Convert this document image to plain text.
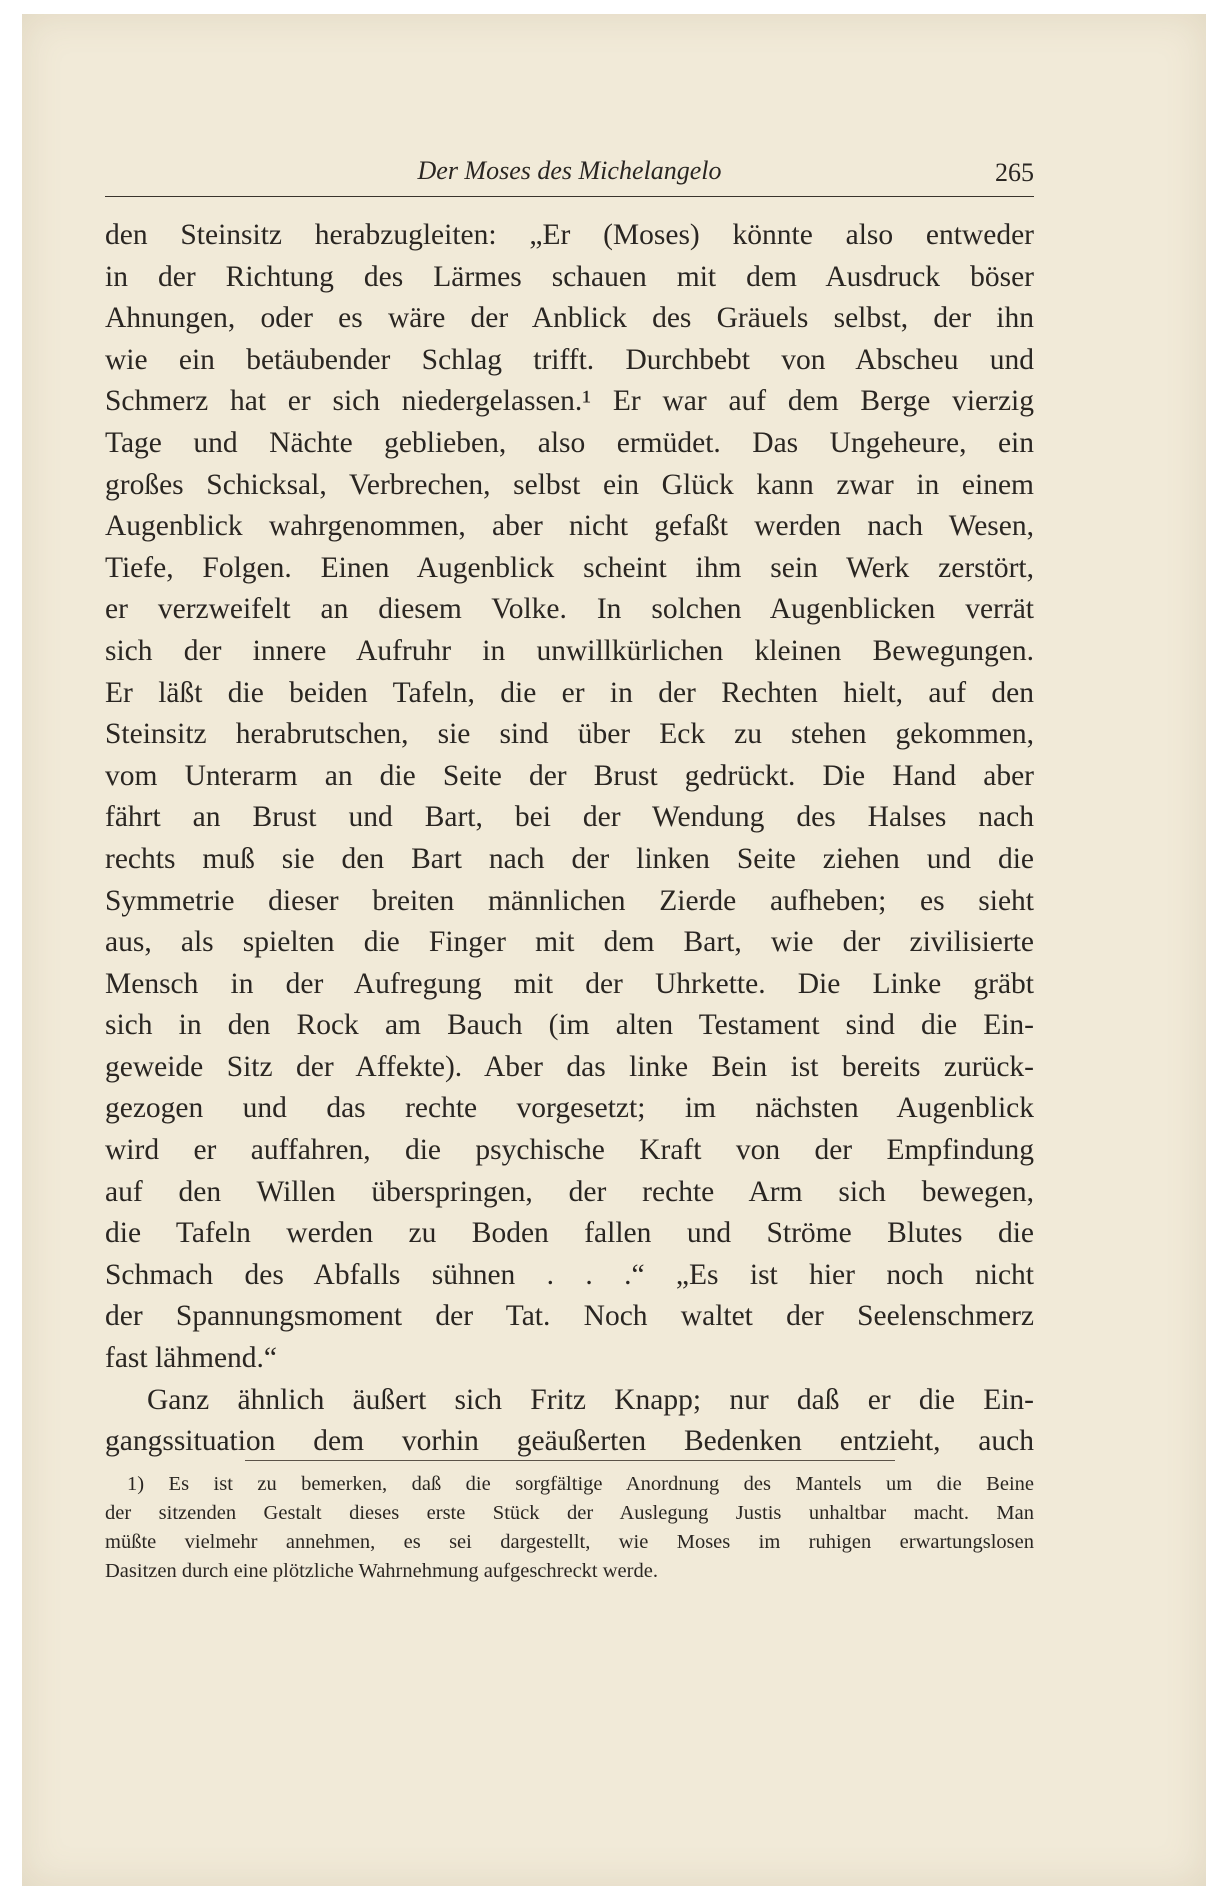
Der Moses des Michelangelo	265
den Steinsitz herabzugleiten: „Er (Moses) könnte also entweder
in der Richtung des Lärmes schauen mit dem Ausdruck böser
Ahnungen, oder es wäre der Anblick des Gräuels selbst, der ihn
wie ein betäubender Schlag trifft. Durchbebt von Abscheu und
Schmerz hat er sich niedergelassen.¹ Er war auf dem Berge vierzig
Tage und Nächte geblieben, also ermüdet. Das Ungeheure, ein
großes Schicksal, Verbrechen, selbst ein Glück kann zwar in einem
Augenblick wahrgenommen, aber nicht gefaßt werden nach Wesen,
Tiefe, Folgen. Einen Augenblick scheint ihm sein Werk zerstört,
er verzweifelt an diesem Volke. In solchen Augenblicken verrät
sich der innere Aufruhr in unwillkürlichen kleinen Bewegungen.
Er läßt die beiden Tafeln, die er in der Rechten hielt, auf den
Steinsitz herabrutschen, sie sind über Eck zu stehen gekommen,
vom Unterarm an die Seite der Brust gedrückt. Die Hand aber
fährt an Brust und Bart, bei der Wendung des Halses nach
rechts muß sie den Bart nach der linken Seite ziehen und die
Symmetrie dieser breiten männlichen Zierde aufheben; es sieht
aus, als spielten die Finger mit dem Bart, wie der zivilisierte
Mensch in der Aufregung mit der Uhrkette. Die Linke gräbt
sich in den Rock am Bauch (im alten Testament sind die Ein-
geweide Sitz der Affekte). Aber das linke Bein ist bereits zurück-
gezogen und das rechte vorgesetzt; im nächsten Augenblick
wird er auffahren, die psychische Kraft von der Empfindung
auf den Willen überspringen, der rechte Arm sich bewegen,
die Tafeln werden zu Boden fallen und Ströme Blutes die
Schmach des Abfalls sühnen . . .“ „Es ist hier noch nicht
der Spannungsmoment der Tat. Noch waltet der Seelenschmerz
fast lähmend.“
Ganz ähnlich äußert sich Fritz Knapp; nur daß er die Ein-
gangssituation dem vorhin geäußerten Bedenken entzieht, auch
1) Es ist zu bemerken, daß die sorgfältige Anordnung des Mantels um die Beine
der sitzenden Gestalt dieses erste Stück der Auslegung Justis unhaltbar macht. Man
müßte vielmehr annehmen, es sei dargestellt, wie Moses im ruhigen erwartungslosen
Dasitzen durch eine plötzliche Wahrnehmung aufgeschreckt werde.
